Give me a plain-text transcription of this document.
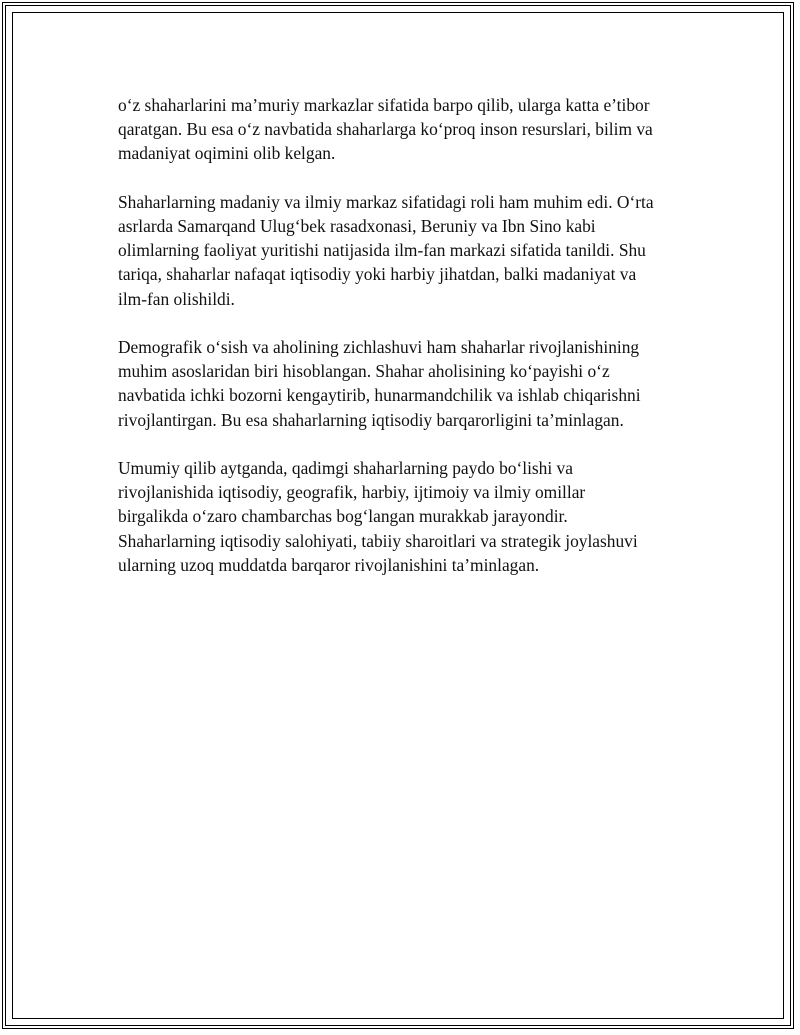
o‘z shaharlarini ma’muriy markazlar sifatida barpo qilib, ularga katta e’tibor
qaratgan. Bu esa o‘z navbatida shaharlarga ko‘proq inson resurslari, bilim va
madaniyat oqimini olib kelgan.

Shaharlarning madaniy va ilmiy markaz sifatidagi roli ham muhim edi. O‘rta
asrlarda Samarqand Ulug‘bek rasadxonasi, Beruniy va Ibn Sino kabi
olimlarning faoliyat yuritishi natijasida ilm-fan markazi sifatida tanildi. Shu
tariqa, shaharlar nafaqat iqtisodiy yoki harbiy jihatdan, balki madaniyat va
ilm-fan olishildi.

Demografik o‘sish va aholining zichlashuvi ham shaharlar rivojlanishining
muhim asoslaridan biri hisoblangan. Shahar aholisining ko‘payishi o‘z
navbatida ichki bozorni kengaytirib, hunarmandchilik va ishlab chiqarishni
rivojlantirgan. Bu esa shaharlarning iqtisodiy barqarorligini ta’minlagan.

Umumiy qilib aytganda, qadimgi shaharlarning paydo bo‘lishi va
rivojlanishida iqtisodiy, geografik, harbiy, ijtimoiy va ilmiy omillar
birgalikda o‘zaro chambarchas bog‘langan murakkab jarayondir.
Shaharlarning iqtisodiy salohiyati, tabiiy sharoitlari va strategik joylashuvi
ularning uzoq muddatda barqaror rivojlanishini ta’minlagan.
